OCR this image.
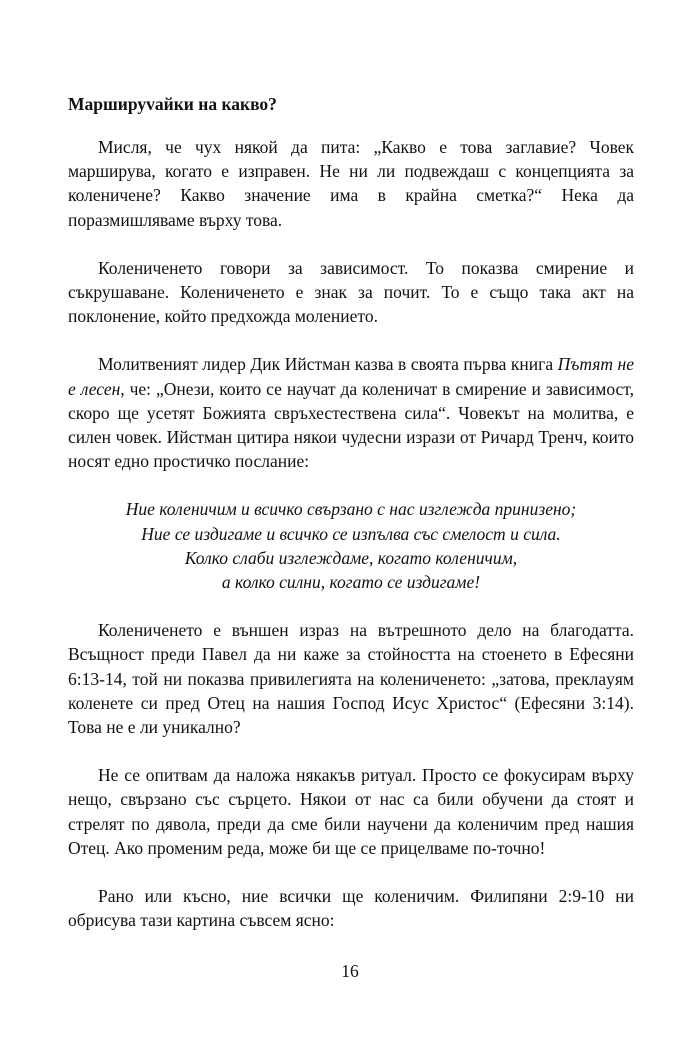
Маршируvайки на какво?

Мисля, че чух някой да пита: „Какво е това заглавие? Човек марширува, когато е изправен. Не ни ли подвеждаш с концепцията за коленичене? Какво значение има в крайна сметка?“ Нека да поразмишляваме върху това.

Коленичeнето говори за зависимост. То показва смирение и съкрушаване. Коленичeнето е знак за почит. То е също така акт на поклонение, който предхожда молението.

Молитвеният лидер Дик Ийстман казва в своята първа книга Пътят не е лесен, че: „Онези, които се научат да коленичат в смирение и зависимост, скоро ще усетят Божията свръхестествена сила“. Човекът на молитва, е силен човек. Ийстман цитира някои чудесни изрази от Ричард Тренч, които носят едно простичко послание:

Ние коленичим и всичко свързано с нас изглежда принизено;
Ние се издигаме и всичко се изпълва със смелост и сила.
Колко слаби изглеждаме, когато коленичим,
а колко силни, когато се издигаме!

Коленичeнето е външен израз на вътрешното дело на благодатта. Всъщност преди Павел да ни каже за стойността на стоенето в Ефесяни 6:13-14, той ни показва привилегията на коленичeнето: „затова, преклаyям коленете си пред Отец на нашия Господ Исус Христос“ (Ефесяни 3:14). Това не е ли уникално?

Не се опитвам да наложа някакъв ритуал. Просто се фокусирам върху нещо, свързано със сърцето. Някои от нас са били обучени да стоят и стрелят по дявола, преди да сме били научени да коленичим пред нашия Отец. Ако променим реда, може би ще се прицелваме по-точно!

Рано или късно, ние всички ще коленичим. Филипяни 2:9-10 ни обрисува тази картина съвсем ясно:

16
